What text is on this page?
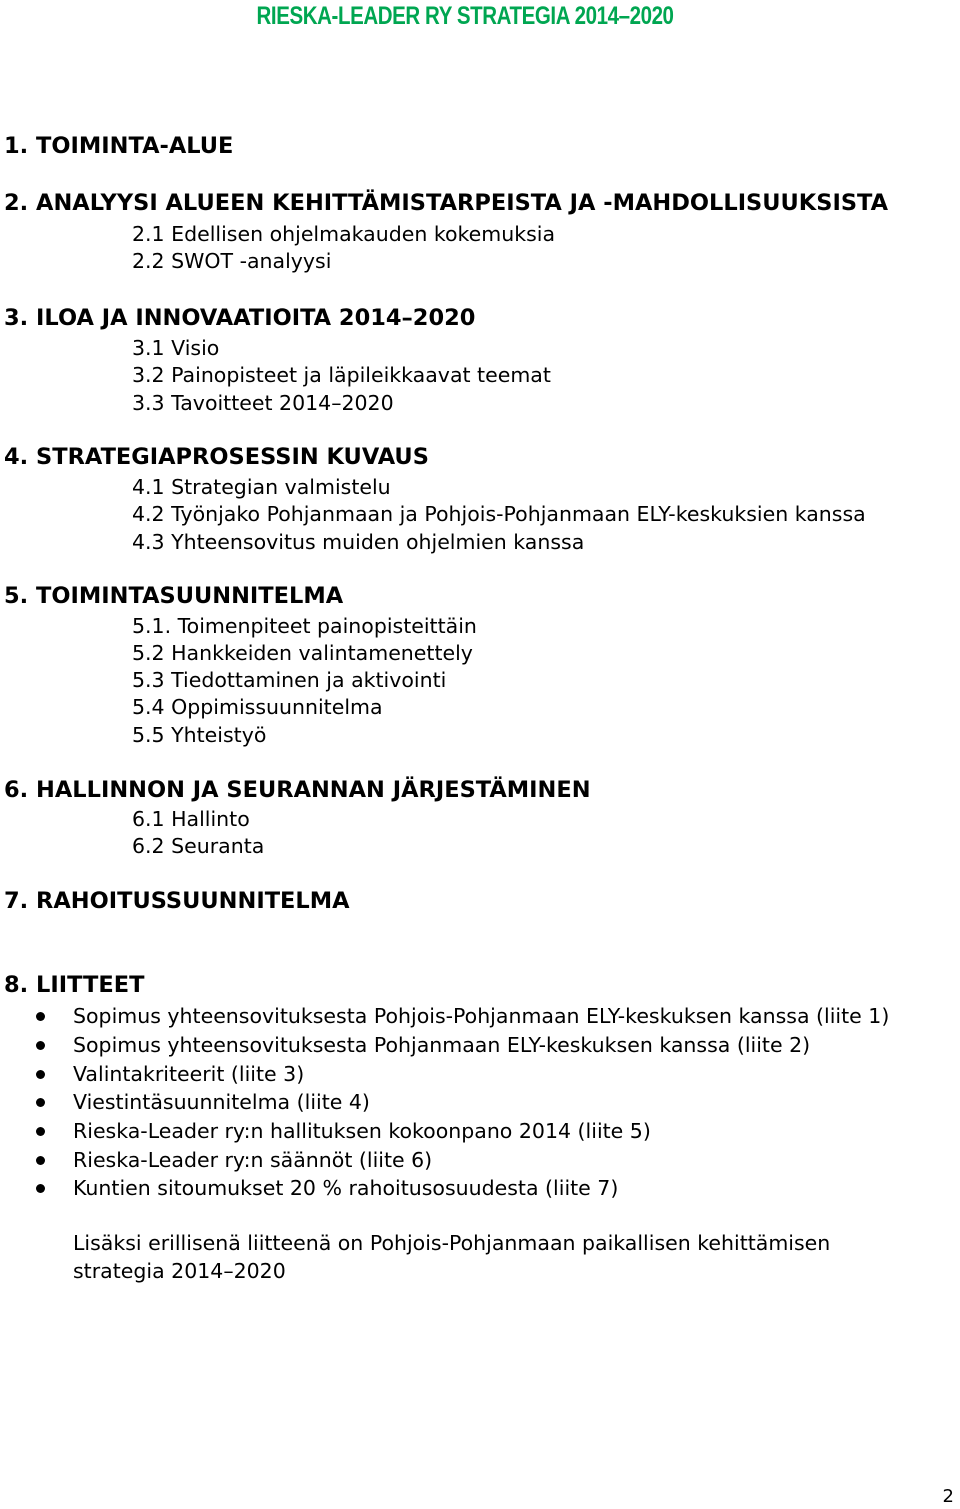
RIESKA-LEADER RY STRATEGIA 2014–2020
1. TOIMINTA-ALUE
2. ANALYYSI ALUEEN KEHITTÄMISTARPEISTA JA -MAHDOLLISUUKSISTA
2.1 Edellisen ohjelmakauden kokemuksia
2.2 SWOT -analyysi
3. ILOA JA INNOVAATIOITA 2014–2020
3.1 Visio
3.2 Painopisteet ja läpileikkaavat teemat
3.3 Tavoitteet 2014–2020
4. STRATEGIAPROSESSIN KUVAUS
4.1 Strategian valmistelu
4.2 Työnjako Pohjanmaan ja Pohjois-Pohjanmaan ELY-keskuksien kanssa
4.3 Yhteensovitus muiden ohjelmien kanssa
5. TOIMINTASUUNNITELMA
5.1. Toimenpiteet painopisteittäin
5.2 Hankkeiden valintamenettely
5.3 Tiedottaminen ja aktivointi
5.4 Oppimissuunnitelma
5.5 Yhteistyö
6. HALLINNON JA SEURANNAN JÄRJESTÄMINEN
6.1 Hallinto
6.2 Seuranta
7. RAHOITUSSUUNNITELMA
8. LIITTEET
Sopimus yhteensovituksesta Pohjois-Pohjanmaan ELY-keskuksen kanssa (liite 1)
Sopimus yhteensovituksesta Pohjanmaan ELY-keskuksen kanssa (liite 2)
Valintakriteerit (liite 3)
Viestintäsuunnitelma (liite 4)
Rieska-Leader ry:n hallituksen kokoonpano 2014 (liite 5)
Rieska-Leader ry:n säännöt (liite 6)
Kuntien sitoumukset 20 % rahoitusosuudesta (liite 7)
Lisäksi erillisenä liitteenä on Pohjois-Pohjanmaan paikallisen kehittämisen strategia 2014–2020
2
